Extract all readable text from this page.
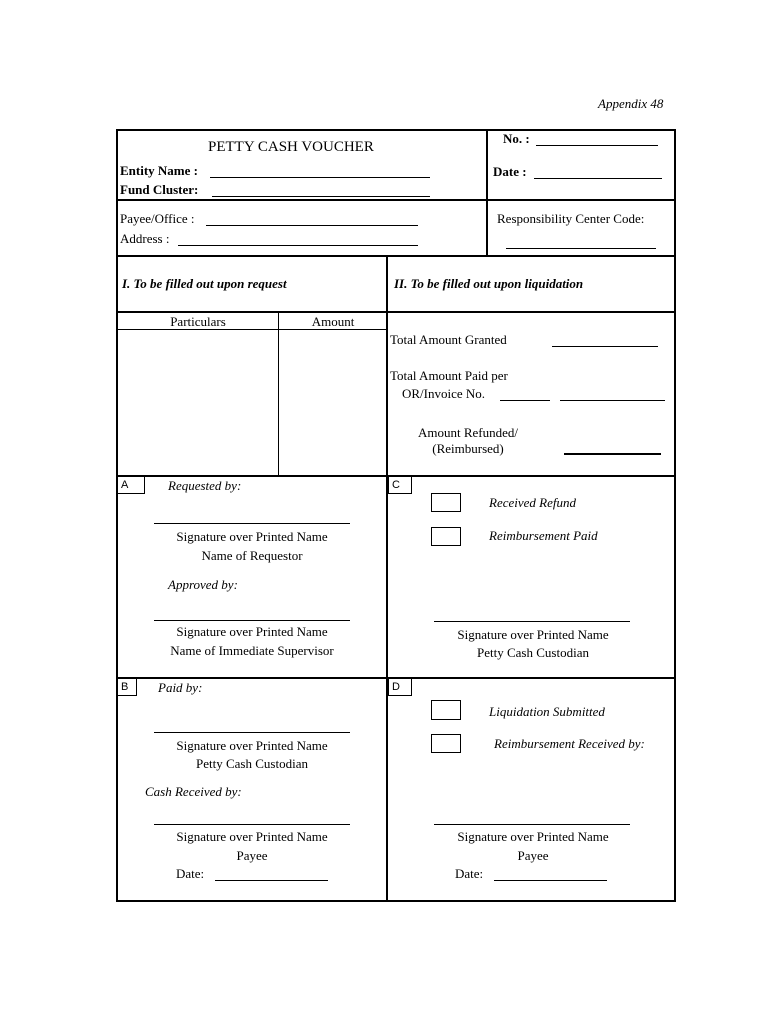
Appendix 48
PETTY CASH VOUCHER
Entity Name :
Fund Cluster:
No. :
Date :
Payee/Office :
Address :
Responsibility Center Code:
I. To be filled out upon request	II. To be filled out upon liquidation
Particulars	Amount
Total Amount Granted
Total Amount Paid per
OR/Invoice No.
Amount Refunded/
(Reimbursed)
A	Requested by:
Signature over Printed Name
Name of Requestor
Approved by:
Signature over Printed Name
Name of Immediate Supervisor
C
Received Refund
Reimbursement Paid
Signature over Printed Name
Petty Cash Custodian
B	Paid by:
Signature over Printed Name
Petty Cash Custodian
Cash Received by:
Signature over Printed Name
Payee
Date:
D
Liquidation Submitted
Reimbursement Received by:
Signature over Printed Name
Payee
Date:
